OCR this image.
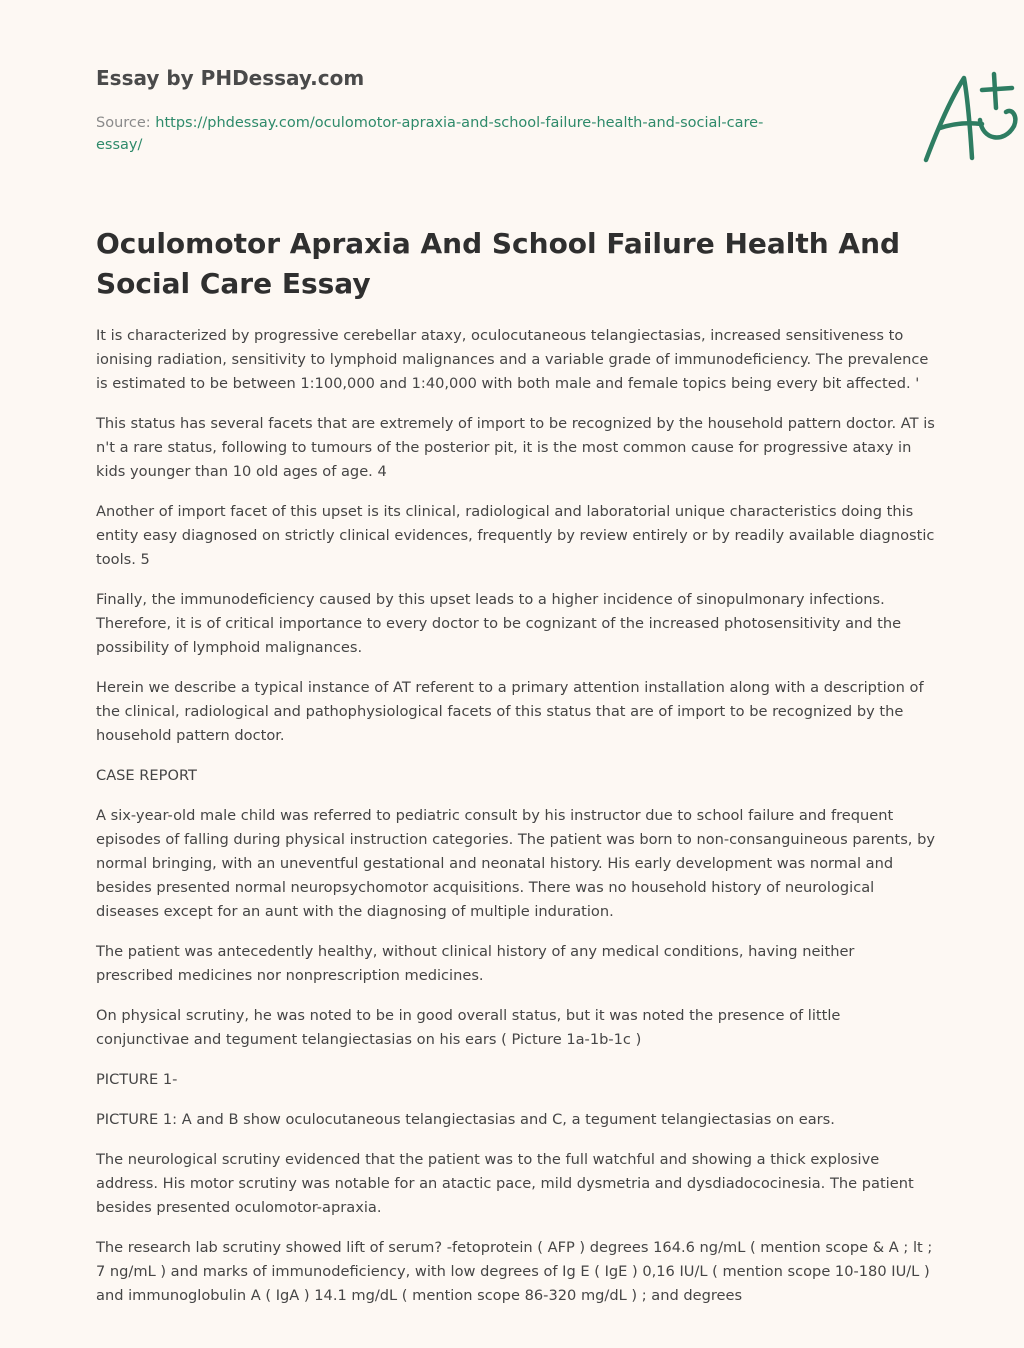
Essay by PHDessay.com
Source: https://phdessay.com/oculomotor-apraxia-and-school-failure-health-and-social-care-essay/
Oculomotor Apraxia And School Failure Health And Social Care Essay

It is characterized by progressive cerebellar ataxy, oculocutaneous telangiectasias, increased sensitiveness to ionising radiation, sensitivity to lymphoid malignances and a variable grade of immunodeficiency. The prevalence is estimated to be between 1:100,000 and 1:40,000 with both male and female topics being every bit affected. '

This status has several facets that are extremely of import to be recognized by the household pattern doctor. AT is n't a rare status, following to tumours of the posterior pit, it is the most common cause for progressive ataxy in kids younger than 10 old ages of age. 4

Another of import facet of this upset is its clinical, radiological and laboratorial unique characteristics doing this entity easy diagnosed on strictly clinical evidences, frequently by review entirely or by readily available diagnostic tools. 5

Finally, the immunodeficiency caused by this upset leads to a higher incidence of sinopulmonary infections. Therefore, it is of critical importance to every doctor to be cognizant of the increased photosensitivity and the possibility of lymphoid malignances.

Herein we describe a typical instance of AT referent to a primary attention installation along with a description of the clinical, radiological and pathophysiological facets of this status that are of import to be recognized by the household pattern doctor.

CASE REPORT

A six-year-old male child was referred to pediatric consult by his instructor due to school failure and frequent episodes of falling during physical instruction categories. The patient was born to non-consanguineous parents, by normal bringing, with an uneventful gestational and neonatal history. His early development was normal and besides presented normal neuropsychomotor acquisitions. There was no household history of neurological diseases except for an aunt with the diagnosing of multiple induration.

The patient was antecedently healthy, without clinical history of any medical conditions, having neither prescribed medicines nor nonprescription medicines.

On physical scrutiny, he was noted to be in good overall status, but it was noted the presence of little conjunctivae and tegument telangiectasias on his ears ( Picture 1a-1b-1c )

PICTURE 1-

PICTURE 1: A and B show oculocutaneous telangiectasias and C, a tegument telangiectasias on ears.

The neurological scrutiny evidenced that the patient was to the full watchful and showing a thick explosive address. His motor scrutiny was notable for an atactic pace, mild dysmetria and dysdiadococinesia. The patient besides presented oculomotor-apraxia.

The research lab scrutiny showed lift of serum? -fetoprotein ( AFP ) degrees 164.6 ng/mL ( mention scope & A ; lt ; 7 ng/mL ) and marks of immunodeficiency, with low degrees of Ig E ( IgE ) 0,16 IU/L ( mention scope 10-180 IU/L ) and immunoglobulin A ( IgA ) 14.1 mg/dL ( mention scope 86-320 mg/dL ) ; and degrees
